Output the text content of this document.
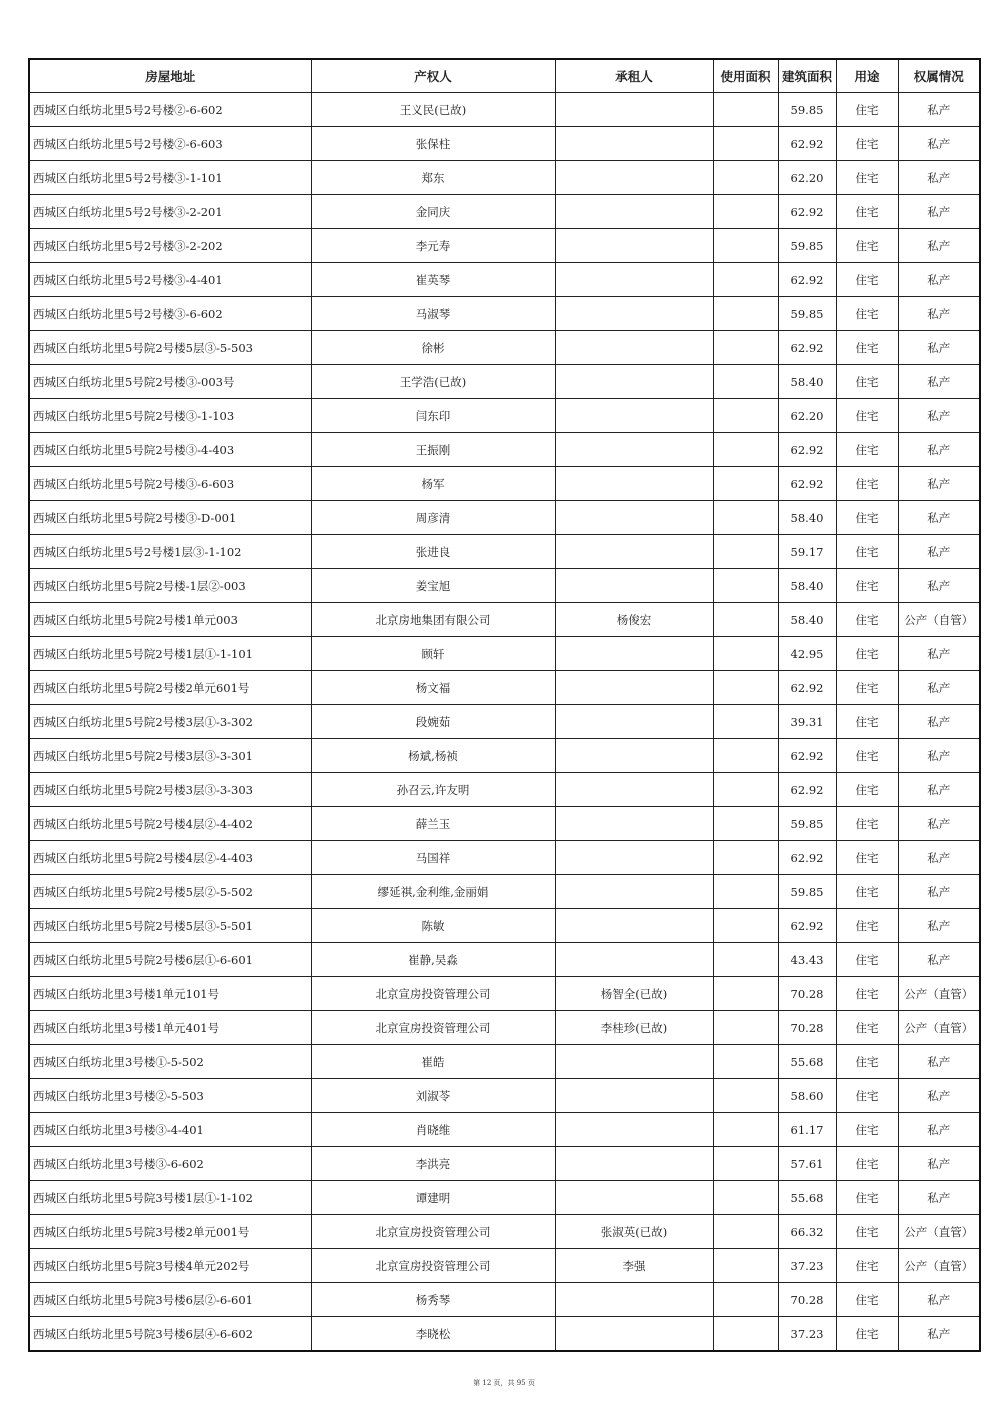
房屋地址	产权人	承租人	使用面积	建筑面积	用途	权属情况
西城区白纸坊北里5号2号楼②-6-602	王义民(已故)			59.85	住宅	私产
西城区白纸坊北里5号2号楼②-6-603	张保柱			62.92	住宅	私产
西城区白纸坊北里5号2号楼③-1-101	郑东			62.20	住宅	私产
西城区白纸坊北里5号2号楼③-2-201	金同庆			62.92	住宅	私产
西城区白纸坊北里5号2号楼③-2-202	李元寿			59.85	住宅	私产
西城区白纸坊北里5号2号楼③-4-401	崔英琴			62.92	住宅	私产
西城区白纸坊北里5号2号楼③-6-602	马淑琴			59.85	住宅	私产
西城区白纸坊北里5号院2号楼5层③-5-503	徐彬			62.92	住宅	私产
西城区白纸坊北里5号院2号楼③-003号	王学浩(已故)			58.40	住宅	私产
西城区白纸坊北里5号院2号楼③-1-103	闫东印			62.20	住宅	私产
西城区白纸坊北里5号院2号楼③-4-403	王振刚			62.92	住宅	私产
西城区白纸坊北里5号院2号楼③-6-603	杨军			62.92	住宅	私产
西城区白纸坊北里5号院2号楼③-D-001	周彦清			58.40	住宅	私产
西城区白纸坊北里5号2号楼1层③-1-102	张进良			59.17	住宅	私产
西城区白纸坊北里5号院2号楼-1层②-003	姜宝旭			58.40	住宅	私产
西城区白纸坊北里5号院2号楼1单元003	北京房地集团有限公司	杨俊宏		58.40	住宅	公产（自管）
西城区白纸坊北里5号院2号楼1层①-1-101	顾轩			42.95	住宅	私产
西城区白纸坊北里5号院2号楼2单元601号	杨文福			62.92	住宅	私产
西城区白纸坊北里5号院2号楼3层①-3-302	段婉茹			39.31	住宅	私产
西城区白纸坊北里5号院2号楼3层③-3-301	杨斌,杨祯			62.92	住宅	私产
西城区白纸坊北里5号院2号楼3层③-3-303	孙召云,许友明			62.92	住宅	私产
西城区白纸坊北里5号院2号楼4层②-4-402	薛兰玉			59.85	住宅	私产
西城区白纸坊北里5号院2号楼4层②-4-403	马国祥			62.92	住宅	私产
西城区白纸坊北里5号院2号楼5层②-5-502	缪延祺,金利维,金丽娟			59.85	住宅	私产
西城区白纸坊北里5号院2号楼5层③-5-501	陈敏			62.92	住宅	私产
西城区白纸坊北里5号院2号楼6层①-6-601	崔静,吴淼			43.43	住宅	私产
西城区白纸坊北里3号楼1单元101号	北京宣房投资管理公司	杨智全(已故)		70.28	住宅	公产（直管）
西城区白纸坊北里3号楼1单元401号	北京宣房投资管理公司	李桂珍(已故)		70.28	住宅	公产（直管）
西城区白纸坊北里3号楼①-5-502	崔皓			55.68	住宅	私产
西城区白纸坊北里3号楼②-5-503	刘淑苓			58.60	住宅	私产
西城区白纸坊北里3号楼③-4-401	肖晓维			61.17	住宅	私产
西城区白纸坊北里3号楼③-6-602	李洪亮			57.61	住宅	私产
西城区白纸坊北里5号院3号楼1层①-1-102	谭建明			55.68	住宅	私产
西城区白纸坊北里5号院3号楼2单元001号	北京宣房投资管理公司	张淑英(已故)		66.32	住宅	公产（直管）
西城区白纸坊北里5号院3号楼4单元202号	北京宣房投资管理公司	李强		37.23	住宅	公产（直管）
西城区白纸坊北里5号院3号楼6层②-6-601	杨秀琴			70.28	住宅	私产
西城区白纸坊北里5号院3号楼6层④-6-602	李晓松			37.23	住宅	私产
第 12 页，共 95 页
